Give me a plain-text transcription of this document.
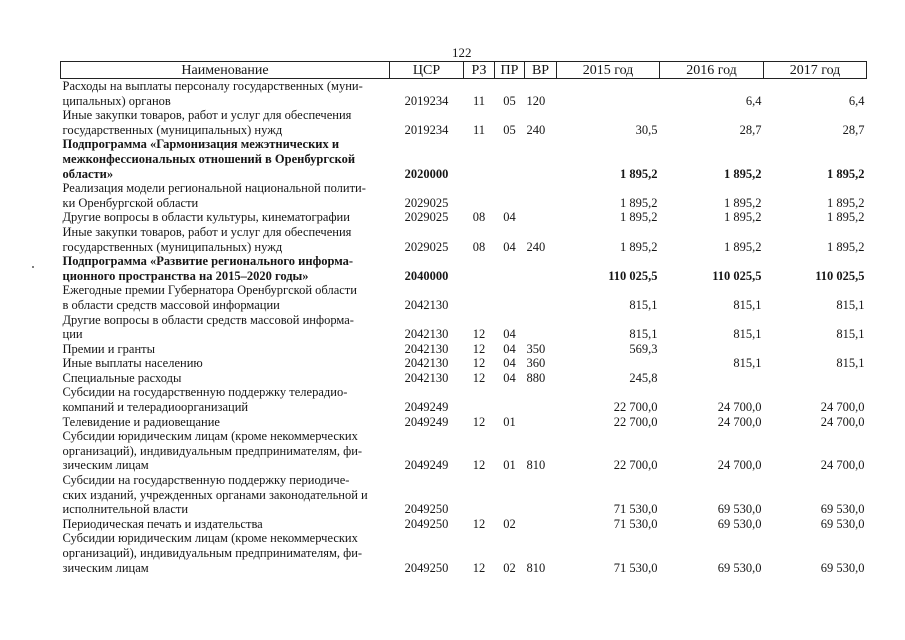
122
Наименование	ЦСР	РЗ	ПР	ВР	2015 год	2016 год	2017 год

Расходы на выплаты персоналу государственных (муни-
ципальных) органов	2019234	11	05	120		6,4	6,4

Иные закупки товаров, работ и услуг для обеспечения
государственных (муниципальных) нужд	2019234	11	05	240	30,5	28,7	28,7

Подпрограмма «Гармонизация межэтнических и
межконфессиональных отношений в Оренбургской
области»	2020000				1 895,2	1 895,2	1 895,2

Реализация модели региональной национальной полити-
ки Оренбургской области	2029025				1 895,2	1 895,2	1 895,2

Другие вопросы в области культуры, кинематографии	2029025	08	04		1 895,2	1 895,2	1 895,2

Иные закупки товаров, работ и услуг для обеспечения
государственных (муниципальных) нужд	2029025	08	04	240	1 895,2	1 895,2	1 895,2

Подпрограмма «Развитие регионального информа-
ционного пространства на 2015–2020 годы»	2040000				110 025,5	110 025,5	110 025,5

Ежегодные премии Губернатора Оренбургской области
в области средств массовой информации	2042130				815,1	815,1	815,1

Другие вопросы в области средств массовой информа-
ции	2042130	12	04		815,1	815,1	815,1

Премии и гранты	2042130	12	04	350	569,3		

Иные выплаты населению	2042130	12	04	360		815,1	815,1

Специальные расходы	2042130	12	04	880	245,8		

Субсидии на государственную поддержку телерадио-
компаний и телерадиоорганизаций	2049249				22 700,0	24 700,0	24 700,0

Телевидение и радиовещание	2049249	12	01		22 700,0	24 700,0	24 700,0

Субсидии юридическим лицам (кроме некоммерческих
организаций), индивидуальным предпринимателям, фи-
зическим лицам	2049249	12	01	810	22 700,0	24 700,0	24 700,0

Субсидии на государственную поддержку периодиче-
ских изданий, учрежденных органами законодательной и
исполнительной власти	2049250				71 530,0	69 530,0	69 530,0

Периодическая печать и издательства	2049250	12	02		71 530,0	69 530,0	69 530,0

Субсидии юридическим лицам (кроме некоммерческих
организаций), индивидуальным предпринимателям, фи-
зическим лицам	2049250	12	02	810	71 530,0	69 530,0	69 530,0
